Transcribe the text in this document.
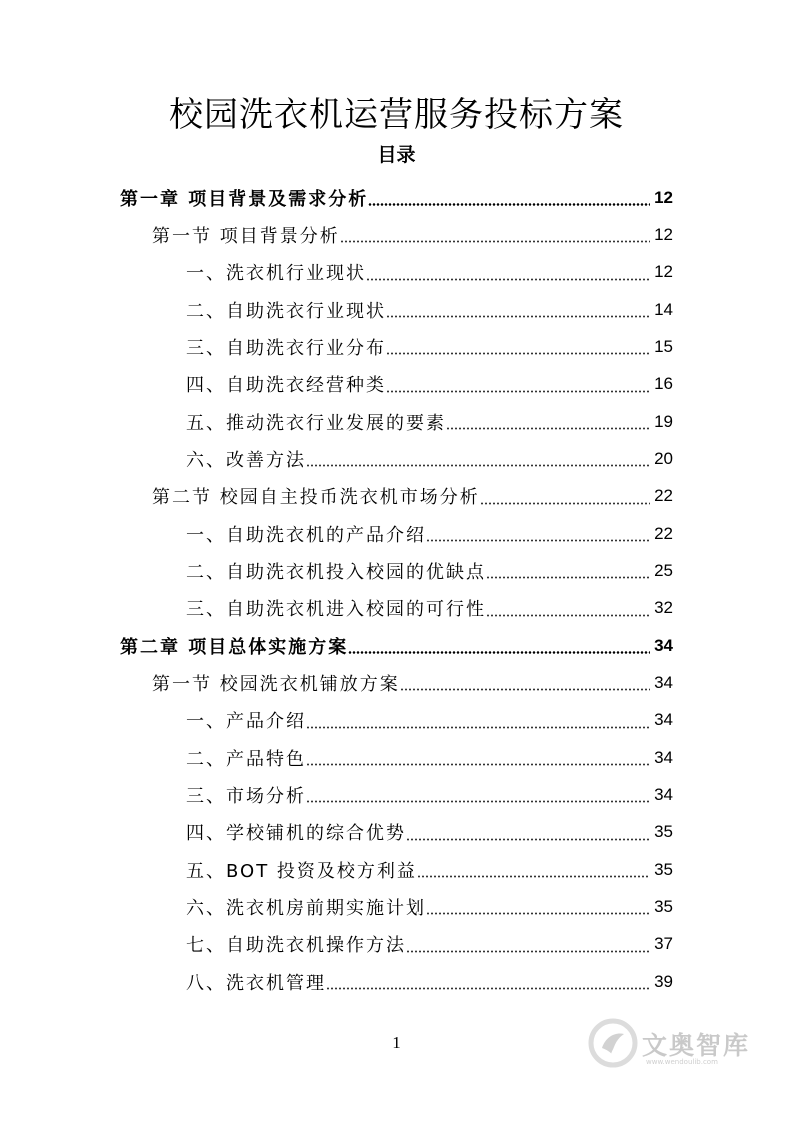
校园洗衣机运营服务投标方案
目录
第一章 项目背景及需求分析	12
第一节 项目背景分析	12
一、洗衣机行业现状	12
二、自助洗衣行业现状	14
三、自助洗衣行业分布	15
四、自助洗衣经营种类	16
五、推动洗衣行业发展的要素	19
六、改善方法	20
第二节 校园自主投币洗衣机市场分析	22
一、自助洗衣机的产品介绍	22
二、自助洗衣机投入校园的优缺点	25
三、自助洗衣机进入校园的可行性	32
第二章 项目总体实施方案	34
第一节 校园洗衣机铺放方案	34
一、产品介绍	34
二、产品特色	34
三、市场分析	34
四、学校铺机的综合优势	35
五、BOT 投资及校方利益	35
六、洗衣机房前期实施计划	35
七、自助洗衣机操作方法	37
八、洗衣机管理	39
1	文奥智库
www.wendoulib.com
